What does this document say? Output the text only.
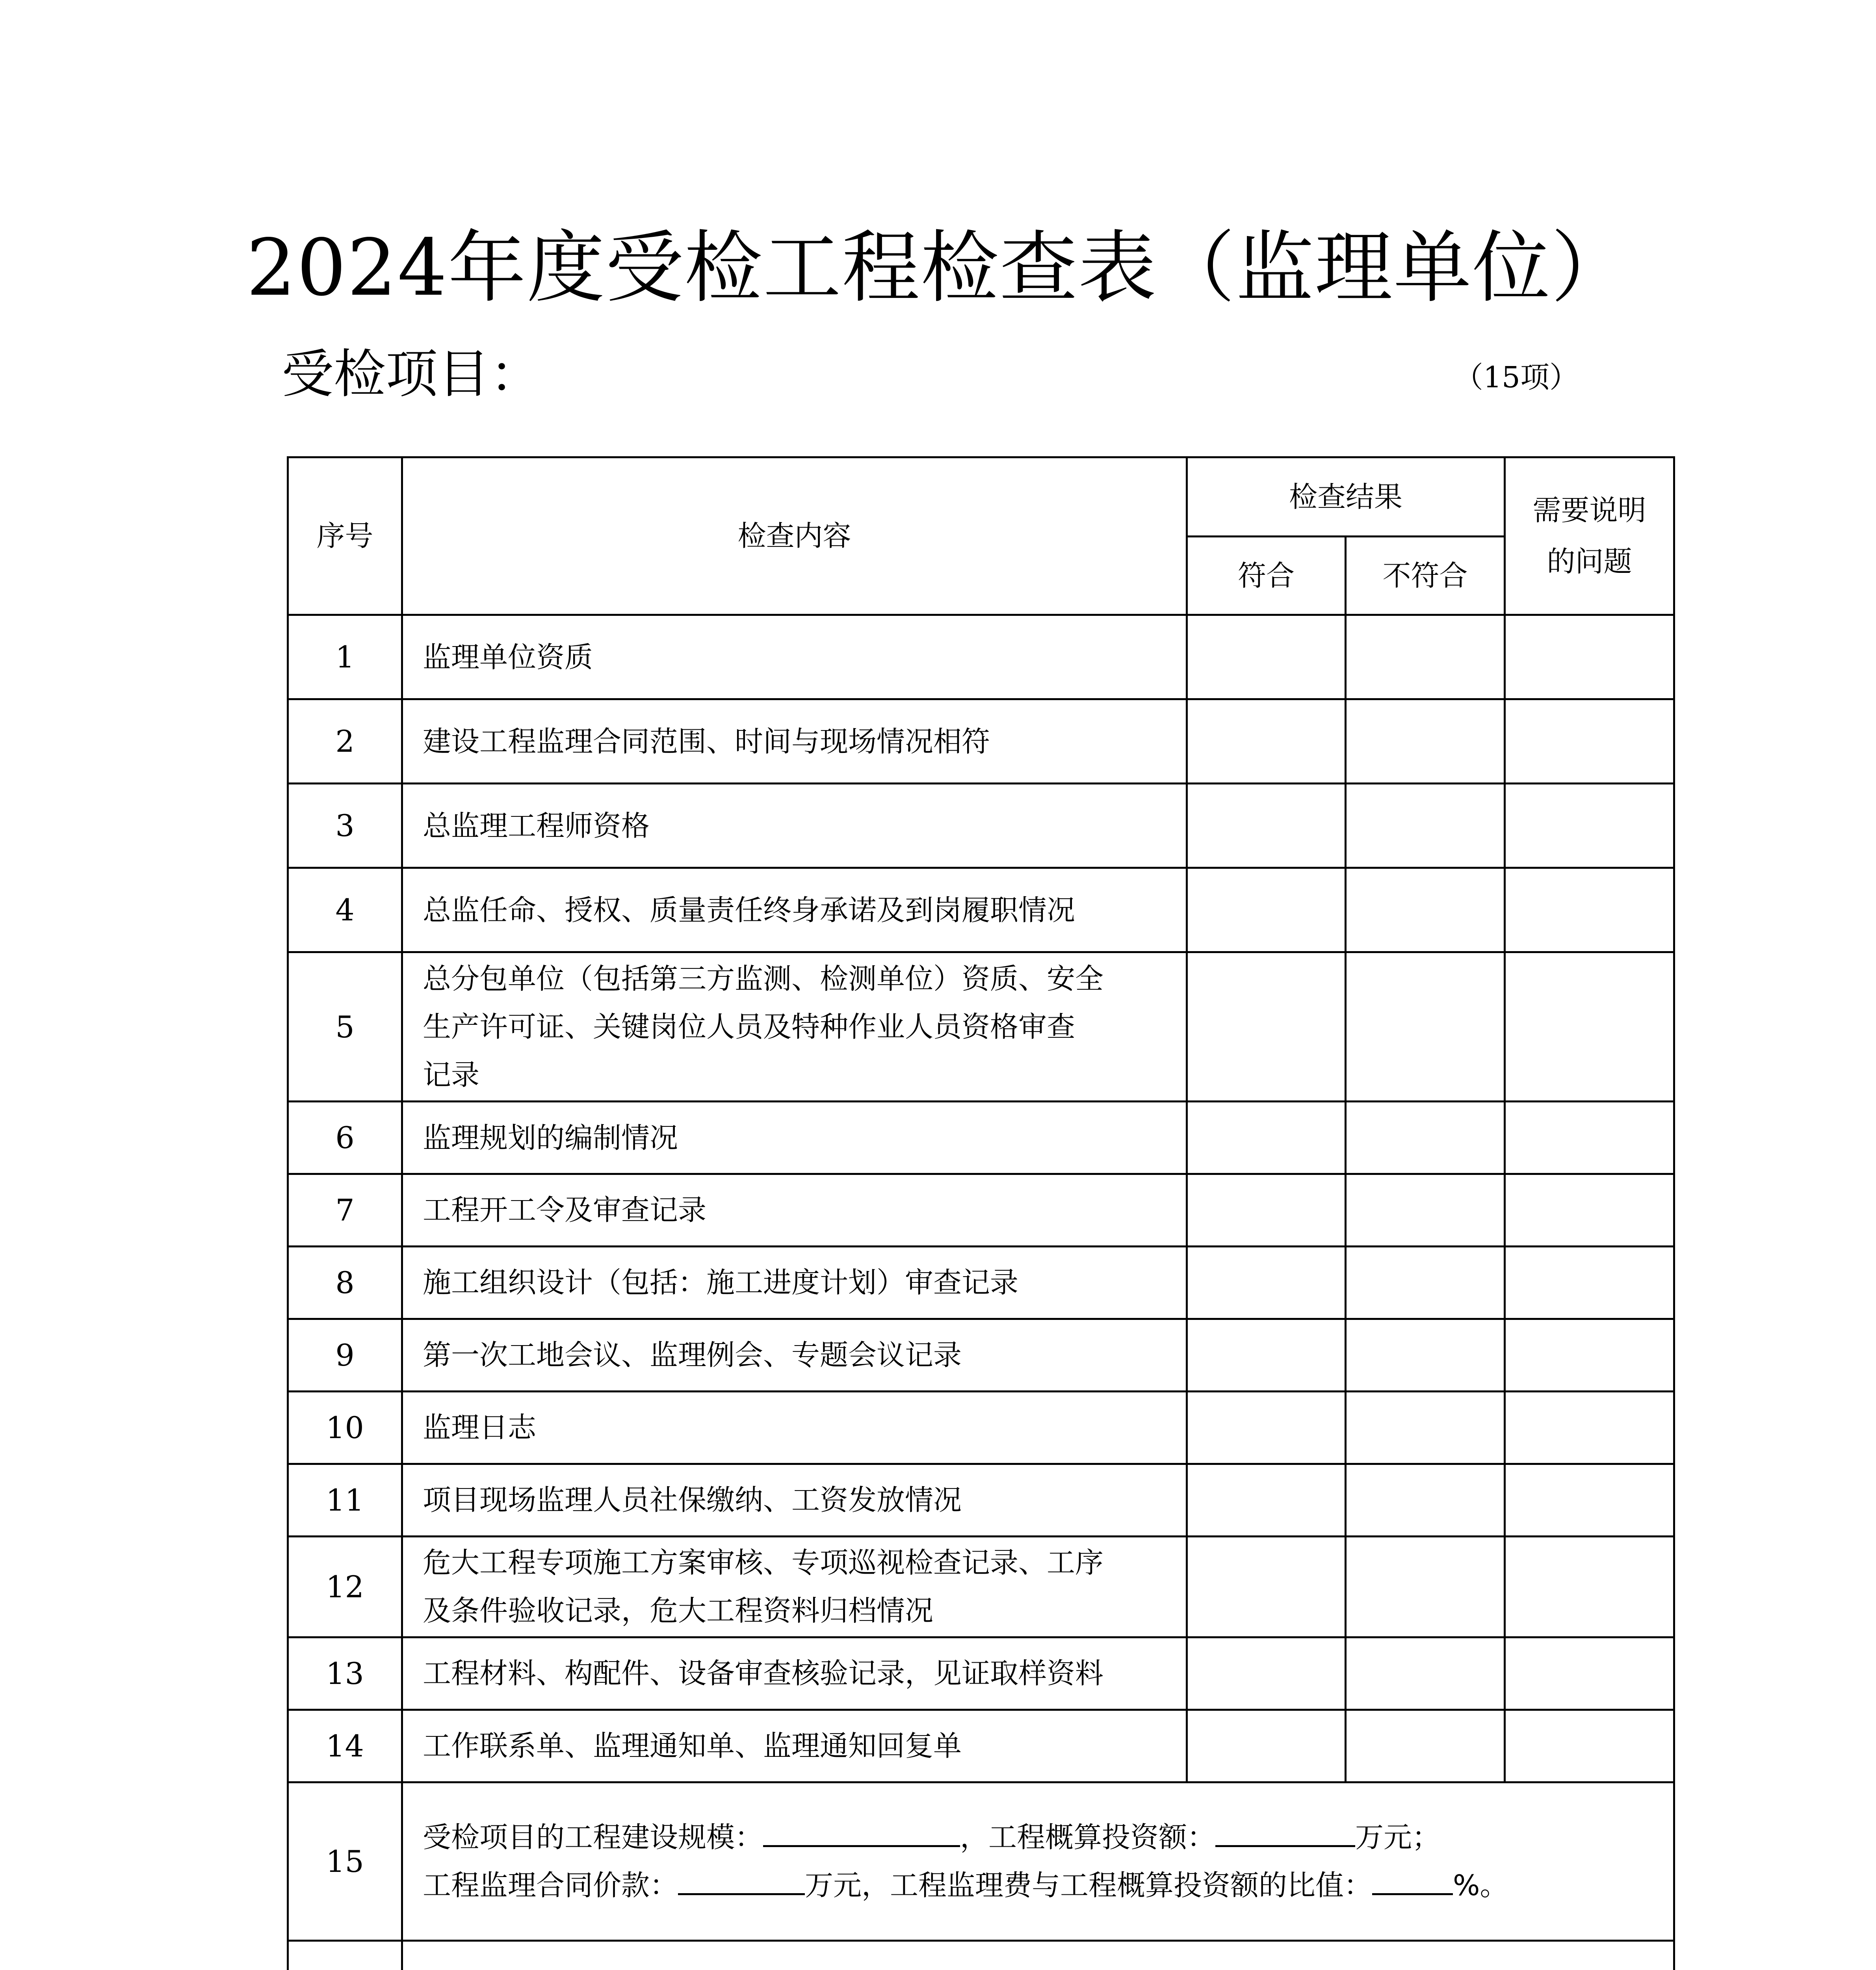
2024年度受检工程检查表（监理单位）
受检项目：	（15项）
序号	检查内容	检查结果		需要说明
的问题

		符合	不符合	
1	监理单位资质			

2	建设工程监理合同范围、时间与现场情况相符			

3	总监理工程师资格			

4	总监任命、授权、质量责任终身承诺及到岗履职情况			

5	总分包单位（包括第三方监测、检测单位）资质、安全
生产许可证、关键岗位人员及特种作业人员资格审查
记录			

6	监理规划的编制情况			

7	工程开工令及审查记录			

8	施工组织设计（包括：施工进度计划）审查记录			

9	第一次工地会议、监理例会、专题会议记录			

10	监理日志			

11	项目现场监理人员社保缴纳、工资发放情况			

12	危大工程专项施工方案审核、专项巡视检查记录、工序
及条件验收记录，危大工程资料归档情况			

13	工程材料、构配件、设备审查核验记录，见证取样资料			

14	工作联系单、监理通知单、监理通知回复单			

15	受检项目的工程建设规模： ，工程概算投资额： 万元；
工程监理合同价款： 万元，工程监理费与工程概算投资额的比值： %。			
